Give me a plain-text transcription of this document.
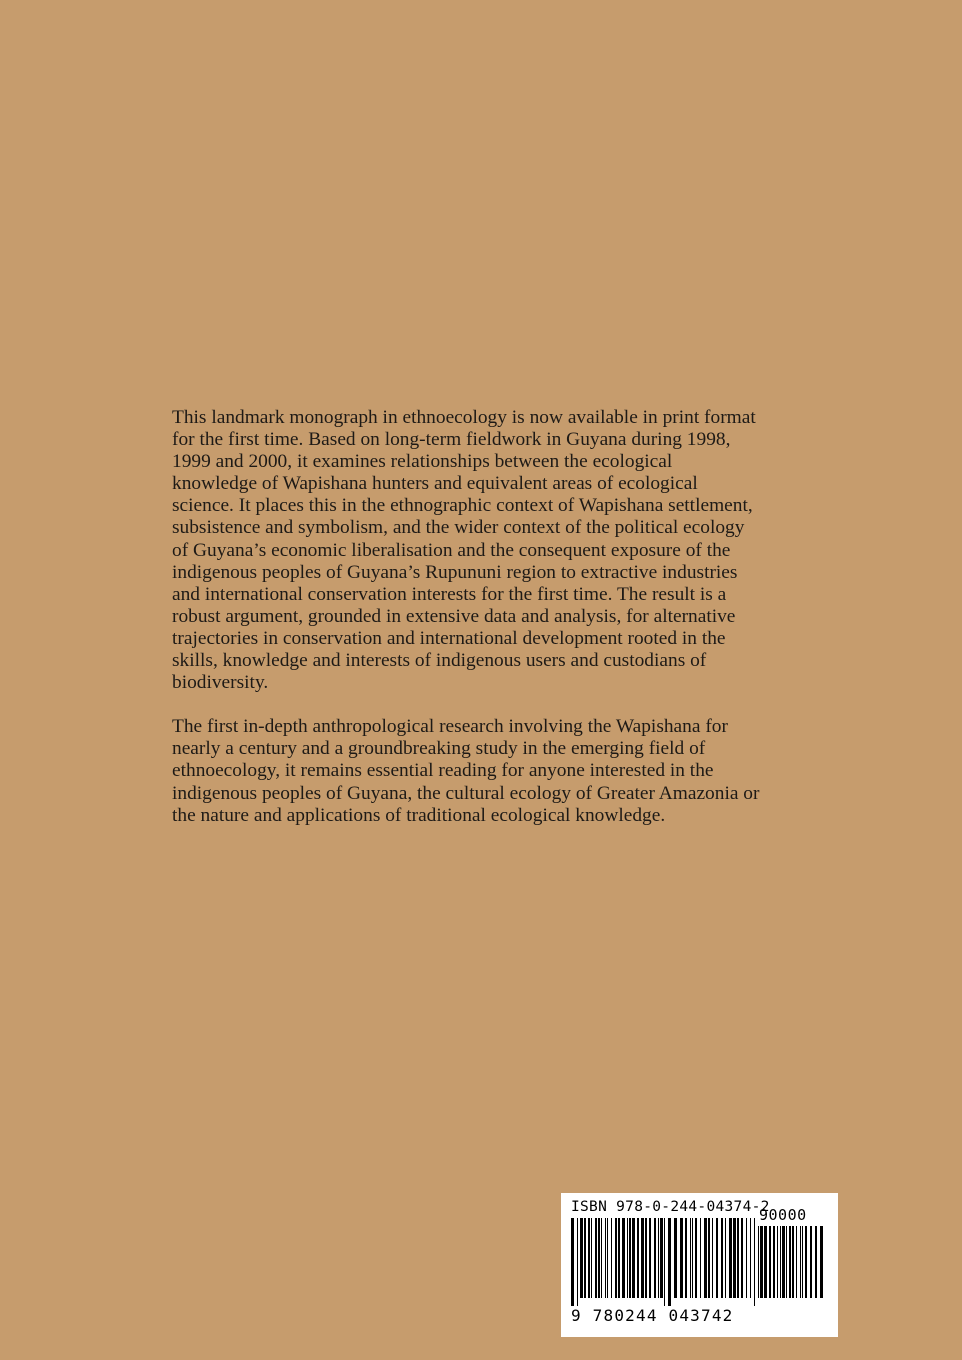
This landmark monograph in ethnoecology is now available in print format for the first time. Based on long-term fieldwork in Guyana during 1998, 1999 and 2000, it examines relationships between the ecological knowledge of Wapishana hunters and equivalent areas of ecological science. It places this in the ethnographic context of Wapishana settlement, subsistence and symbolism, and the wider context of the political ecology of Guyana’s economic liberalisation and the consequent exposure of the indigenous peoples of Guyana’s Rupununi region to extractive industries and international conservation interests for the first time. The result is a robust argument, grounded in extensive data and analysis, for alternative trajectories in conservation and international development rooted in the skills, knowledge and interests of indigenous users and custodians of biodiversity.

The first in-depth anthropological research involving the Wapishana for nearly a century and a groundbreaking study in the emerging field of ethnoecology, it remains essential reading for anyone interested in the indigenous peoples of Guyana, the cultural ecology of Greater Amazonia or the nature and applications of traditional ecological knowledge.

ISBN 978-0-244-04374-2
90000
9 780244 043742
